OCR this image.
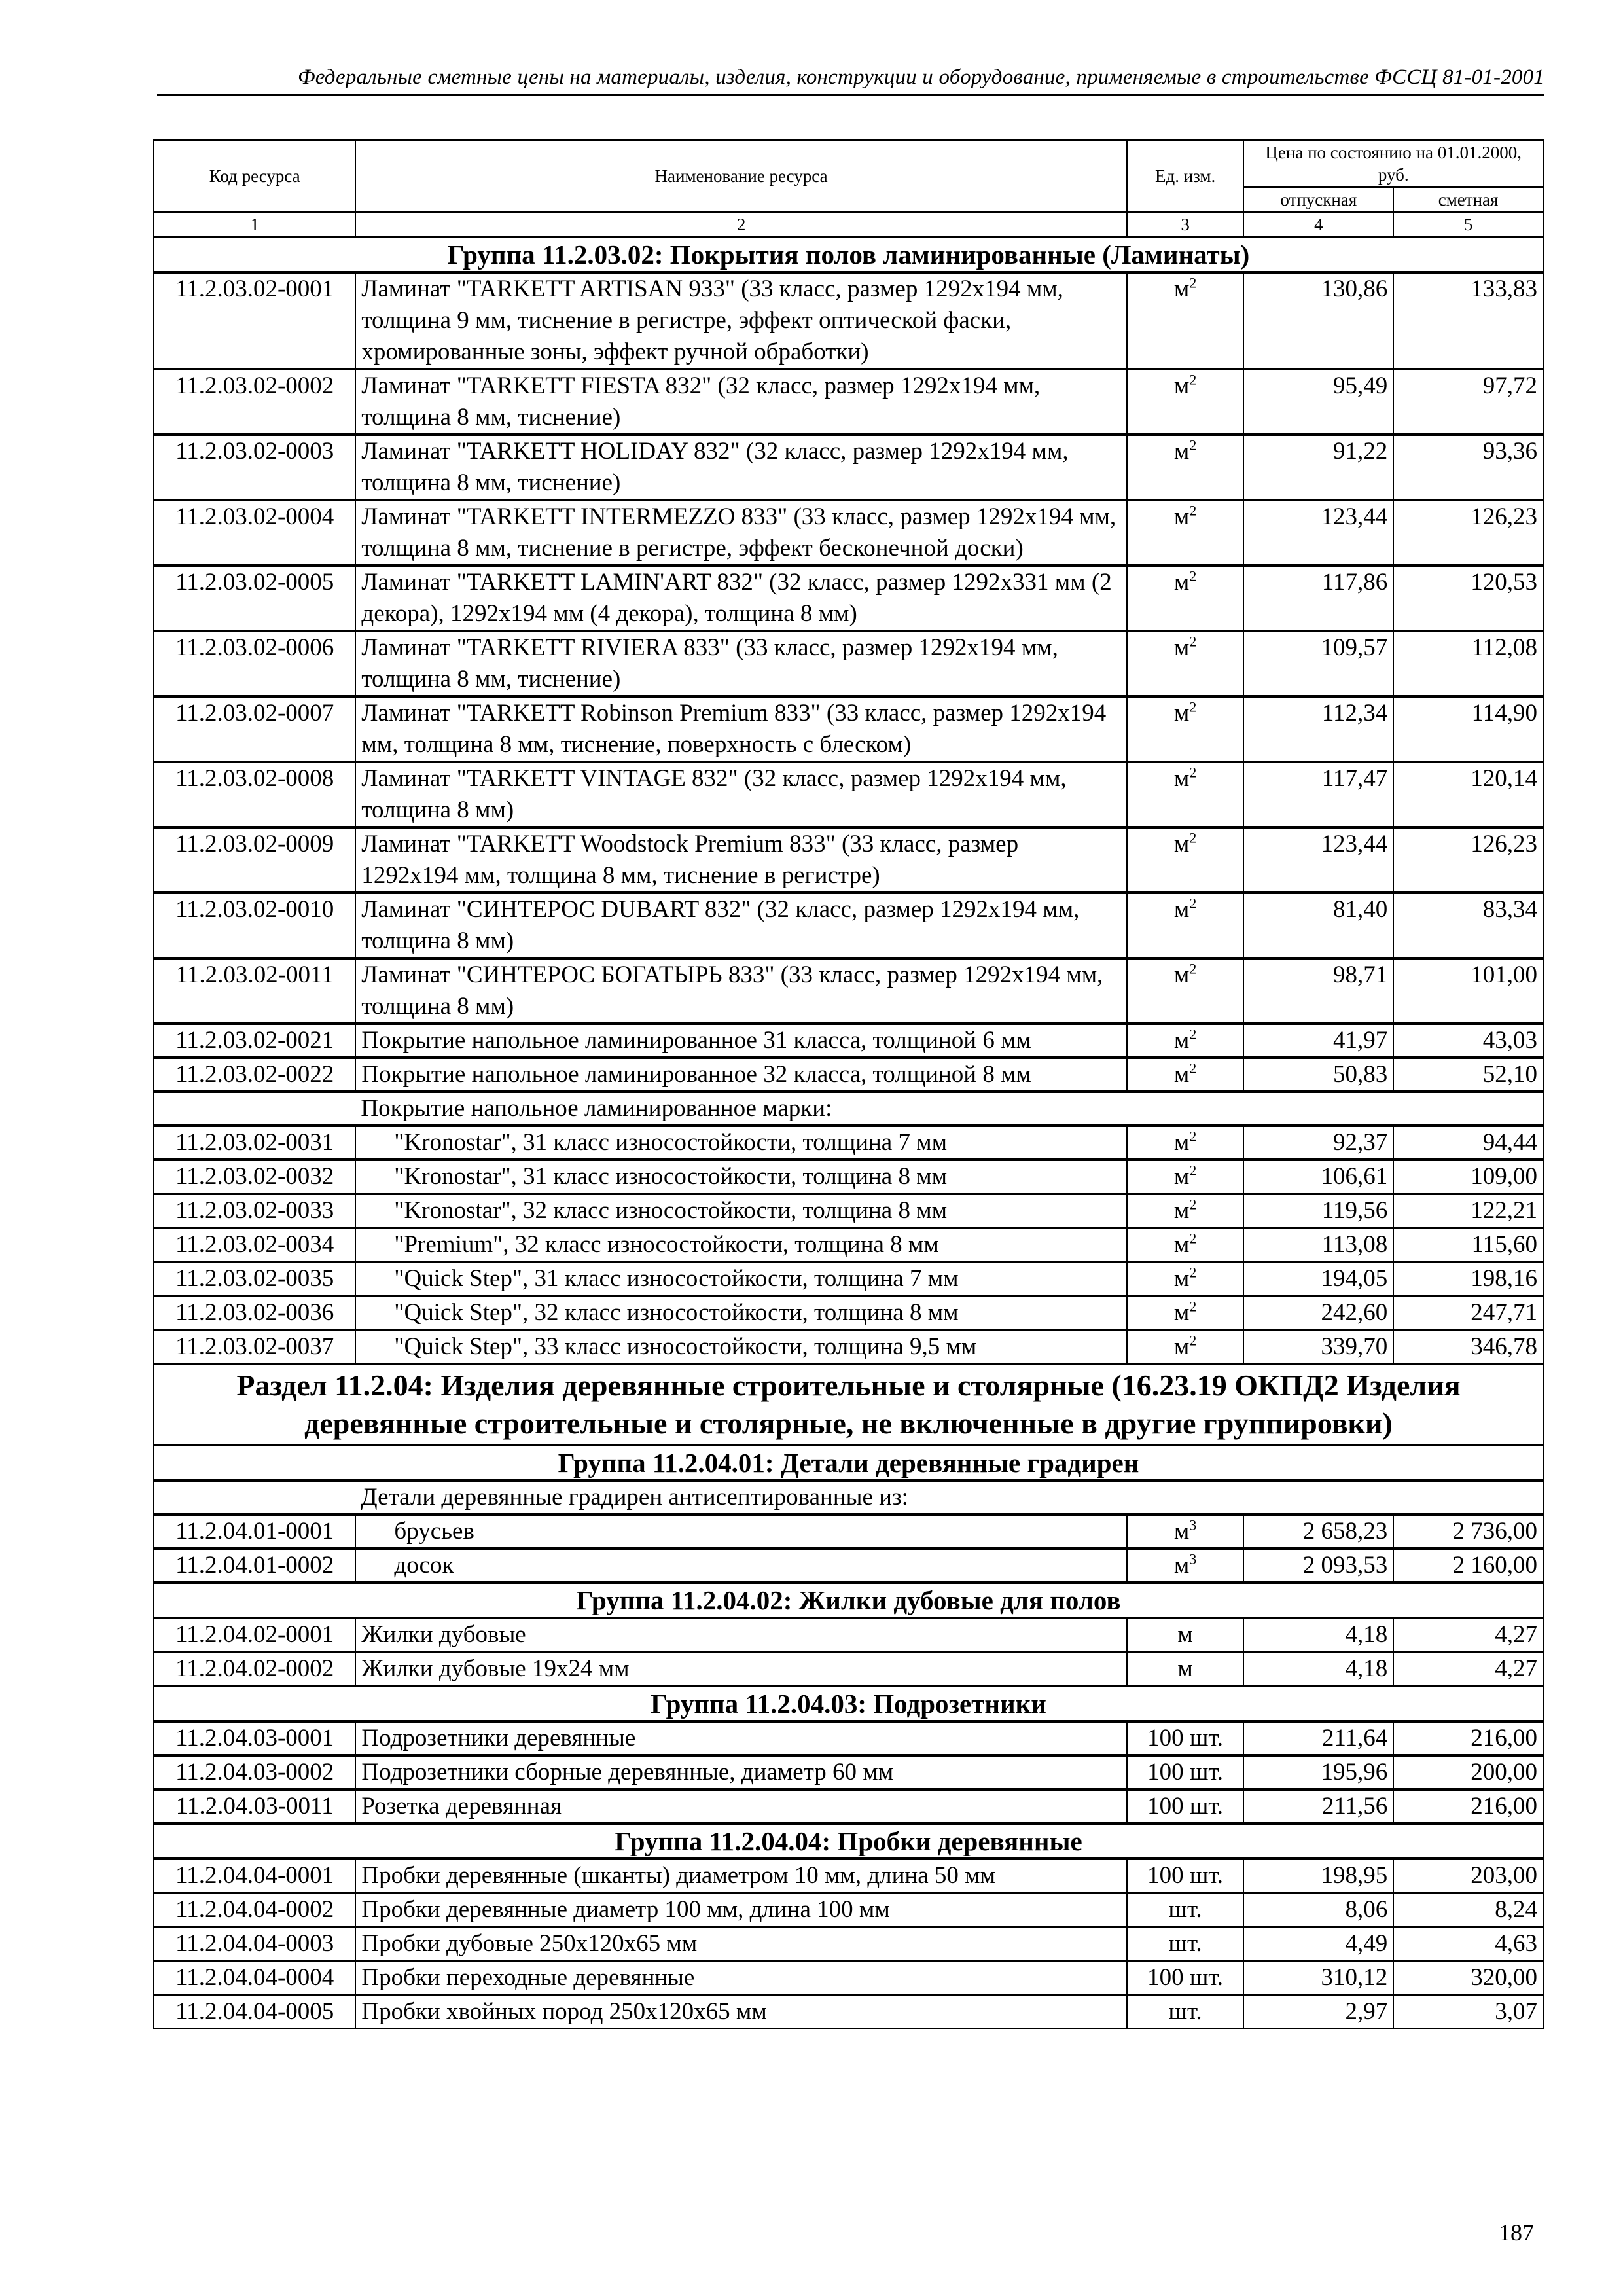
Федеральные сметные цены на материалы, изделия, конструкции и оборудование, применяемые в строительстве ФССЦ 81-01-2001
Код ресурса	Наименование ресурса	Ед. изм.	Цена по состоянию на 01.01.2000, руб.	
			отпускная	сметная
1	2	3	4	5
Группа 11.2.03.02: Покрытия полов ламинированные (Ламинаты)				
11.2.03.02-0001	Ламинат "TARKETT ARTISAN 933" (33 класс, размер 1292x194 мм, толщина 9 мм, тиснение в регистре, эффект оптической фаски, хромированные зоны, эффект ручной обработки)	$м^2$	130,86	133,83
11.2.03.02-0002	Ламинат "TARKETT FIESTA 832" (32 класс, размер 1292x194 мм, толщина 8 мм, тиснение)	$м^2$	95,49	97,72
11.2.03.02-0003	Ламинат "TARKETT HOLIDAY 832" (32 класс, размер 1292x194 мм, толщина 8 мм, тиснение)	$м^2$	91,22	93,36
11.2.03.02-0004	Ламинат "TARKETT INTERMEZZO 833" (33 класс, размер 1292x194 мм, толщина 8 мм, тиснение в регистре, эффект бесконечной доски)	$м^2$	123,44	126,23
11.2.03.02-0005	Ламинат "TARKETT LAMIN'ART 832" (32 класс, размер 1292x331 мм (2 декора), 1292x194 мм (4 декора), толщина 8 мм)	$м^2$	117,86	120,53
11.2.03.02-0006	Ламинат "TARKETT RIVIERA 833" (33 класс, размер 1292x194 мм, толщина 8 мм, тиснение)	$м^2$	109,57	112,08
11.2.03.02-0007	Ламинат "TARKETT Robinson Premium 833" (33 класс, размер 1292x194 мм, толщина 8 мм, тиснение, поверхность с блеском)	$м^2$	112,34	114,90
11.2.03.02-0008	Ламинат "TARKETT VINTAGE 832" (32 класс, размер 1292x194 мм, толщина 8 мм)	$м^2$	117,47	120,14
11.2.03.02-0009	Ламинат "TARKETT Woodstock Premium 833" (33 класс, размер 1292x194 мм, толщина 8 мм, тиснение в регистре)	$м^2$	123,44	126,23
11.2.03.02-0010	Ламинат "СИНТЕРОС DUBART 832" (32 класс, размер 1292x194 мм, толщина 8 мм)	$м^2$	81,40	83,34
11.2.03.02-0011	Ламинат "СИНТЕРОС БОГАТЫРЬ 833" (33 класс, размер 1292x194 мм, толщина 8 мм)	$м^2$	98,71	101,00
11.2.03.02-0021	Покрытие напольное ламинированное 31 класса, толщиной 6 мм	$м^2$	41,97	43,03
11.2.03.02-0022	Покрытие напольное ламинированное 32 класса, толщиной 8 мм	$м^2$	50,83	52,10
	Покрытие напольное ламинированное марки:			
11.2.03.02-0031	"Kronostar", 31 класс износостойкости, толщина 7 мм	$м^2$	92,37	94,44
11.2.03.02-0032	"Kronostar", 31 класс износостойкости, толщина 8 мм	$м^2$	106,61	109,00
11.2.03.02-0033	"Kronostar", 32 класс износостойкости, толщина 8 мм	$м^2$	119,56	122,21
11.2.03.02-0034	"Premium", 32 класс износостойкости, толщина 8 мм	$м^2$	113,08	115,60
11.2.03.02-0035	"Quick Step", 31 класс износостойкости, толщина 7 мм	$м^2$	194,05	198,16
11.2.03.02-0036	"Quick Step", 32 класс износостойкости, толщина 8 мм	$м^2$	242,60	247,71
11.2.03.02-0037	"Quick Step", 33 класс износостойкости, толщина 9,5 мм	$м^2$	339,70	346,78
Раздел 11.2.04: Изделия деревянные строительные и столярные (16.23.19 ОКПД2 Изделия деревянные строительные и столярные, не включенные в другие группировки)				
Группа 11.2.04.01: Детали деревянные градирен				
	Детали деревянные градирен антисептированные из:			
11.2.04.01-0001	брусьев	$м^3$	2 658,23	2 736,00
11.2.04.01-0002	досок	$м^3$	2 093,53	2 160,00
Группа 11.2.04.02: Жилки дубовые для полов				
11.2.04.02-0001	Жилки дубовые	м	4,18	4,27
11.2.04.02-0002	Жилки дубовые 19x24 мм	м	4,18	4,27
Группа 11.2.04.03: Подрозетники				
11.2.04.03-0001	Подрозетники деревянные	100 шт.	211,64	216,00
11.2.04.03-0002	Подрозетники сборные деревянные, диаметр 60 мм	100 шт.	195,96	200,00
11.2.04.03-0011	Розетка деревянная	100 шт.	211,56	216,00
Группа 11.2.04.04: Пробки деревянные				
11.2.04.04-0001	Пробки деревянные (шканты) диаметром 10 мм, длина 50 мм	100 шт.	198,95	203,00
11.2.04.04-0002	Пробки деревянные диаметр 100 мм, длина 100 мм	шт.	8,06	8,24
11.2.04.04-0003	Пробки дубовые 250x120x65 мм	шт.	4,49	4,63
11.2.04.04-0004	Пробки переходные деревянные	100 шт.	310,12	320,00
11.2.04.04-0005	Пробки хвойных пород 250x120x65 мм	шт.	2,97	3,07
187
